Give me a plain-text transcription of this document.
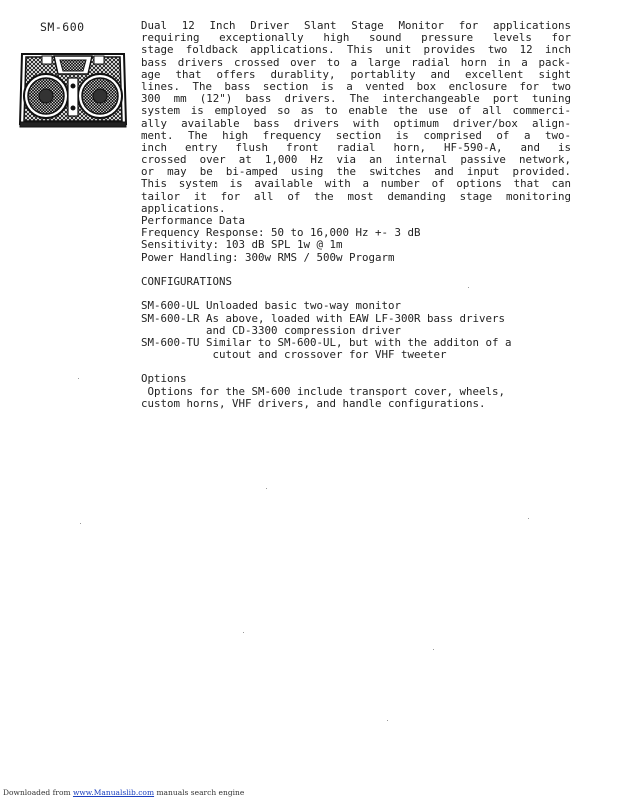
SM-600	Dual 12 Inch Driver Slant Stage Monitor for applications
requiring exceptionally high sound pressure levels for
stage foldback applications. This unit provides two 12 inch
bass drivers crossed over to a large radial horn in a pack-
age that offers durablity, portablity and excellent sight
lines. The bass section is a vented box enclosure for two
300 mm (12") bass drivers. The interchangeable port tuning
system is employed so as to enable the use of all commerci-
ally available bass drivers with optimum driver/box align-
ment. The high frequency section is comprised of a two-
inch entry flush front radial horn, HF-590-A, and is
crossed over at 1,000 Hz via an internal passive network,
or may be bi-amped using the switches and input provided.
This system is available with a number of options that can
tailor it for all of the most demanding stage monitoring
applications.
Performance Data
Frequency Response: 50 to 16,000 Hz +- 3 dB
Sensitivity: 103 dB SPL 1w @ 1m
Power Handling: 300w RMS / 500w Progarm
CONFIGURATIONS
SM-600-UL Unloaded basic two-way monitor
SM-600-LR As above, loaded with EAW LF-300R bass drivers
and CD-3300 compression driver
SM-600-TU Similar to SM-600-UL, but with the additon of a
cutout and crossover for VHF tweeter
Options
Options for the SM-600 include transport cover, wheels,
custom horns, VHF drivers, and handle configurations.
Downloaded from www.Manualslib.com manuals search engine
